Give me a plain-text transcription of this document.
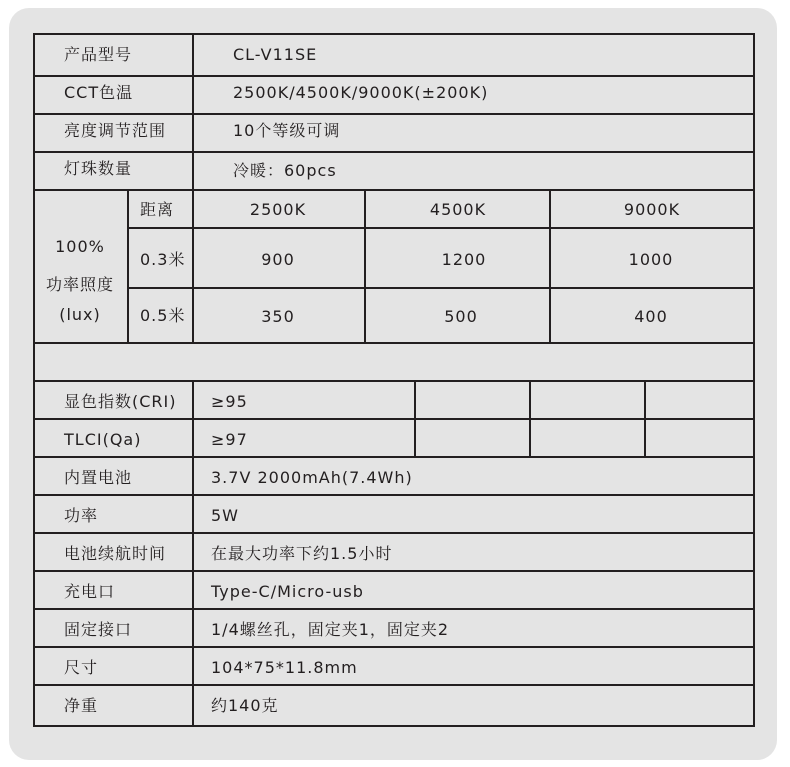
产品型号	CL-V11SE
CCT色温	2500K/4500K/9000K(±200K)
亮度调节范围	10个等级可调
灯珠数量	冷暖：60pcs
100%
功率照度
(lux)
距离	2500K	4500K	9000K
0.3米	900	1200	1000
0.5米	350	500	400
显色指数(CRI) ≥95
TLCI(Qa)	≥97
内置电池	3.7V 2000mAh(7.4Wh)
功率	5W
电池续航时间	在最大功率下约1.5小时
充电口	Type-C/Micro-usb
固定接口	1/4螺丝孔，固定夹1，固定夹2
尺寸	104*75*11.8mm
净重	约140克
